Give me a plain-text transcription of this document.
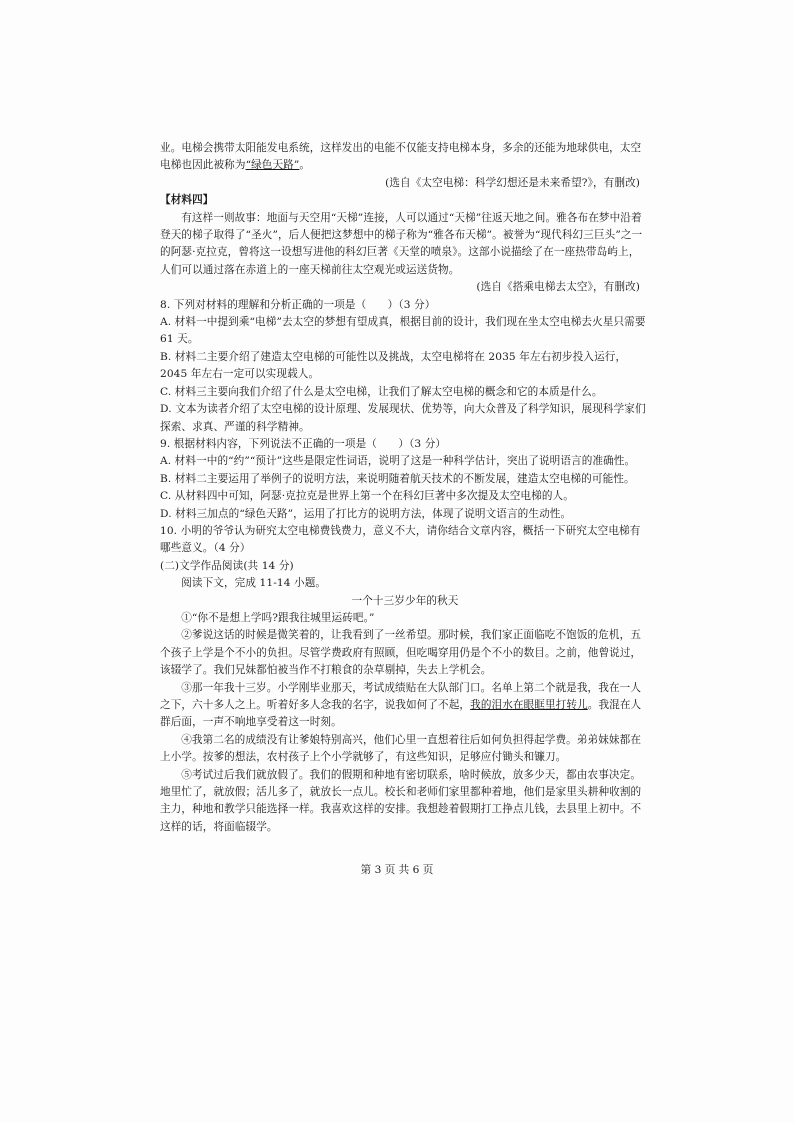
业。电梯会携带太阳能发电系统，这样发出的电能不仅能支持电梯本身，多余的还能为地球供电，太空电梯也因此被称为“绿色天路”。

(选自《太空电梯：科学幻想还是未来希望?》，有删改)

【材料四】

有这样一则故事：地面与天空用“天梯”连接，人可以通过“天梯”往返天地之间。雅各布在梦中沿着登天的梯子取得了“圣火”，后人便把这梦想中的梯子称为“雅各布天梯”。被誉为“现代科幻三巨头”之一的阿瑟·克拉克，曾将这一设想写进他的科幻巨著《天堂的喷泉》。这部小说描绘了在一座热带岛屿上，人们可以通过落在赤道上的一座天梯前往太空观光或运送货物。

(选自《搭乘电梯去太空》，有删改)

8. 下列对材料的理解和分析正确的一项是（　　）（3 分）

A. 材料一中提到乘“电梯”去太空的梦想有望成真，根据目前的设计，我们现在坐太空电梯去火星只需要 61 天。

B. 材料二主要介绍了建造太空电梯的可能性以及挑战，太空电梯将在 2035 年左右初步投入运行，2045 年左右一定可以实现载人。

C. 材料三主要向我们介绍了什么是太空电梯，让我们了解太空电梯的概念和它的本质是什么。

D. 文本为读者介绍了太空电梯的设计原理、发展现状、优势等，向大众普及了科学知识，展现科学家们探索、求真、严谨的科学精神。

9. 根据材料内容，下列说法不正确的一项是（　　）（3 分）

A. 材料一中的“约”“预计”这些是限定性词语，说明了这是一种科学估计，突出了说明语言的准确性。

B. 材料二主要运用了举例子的说明方法，来说明随着航天技术的不断发展，建造太空电梯的可能性。

C. 从材料四中可知，阿瑟·克拉克是世界上第一个在科幻巨著中多次提及太空电梯的人。

D. 材料三加点的“绿色天路”，运用了打比方的说明方法，体现了说明文语言的生动性。

10. 小明的爷爷认为研究太空电梯费钱费力，意义不大，请你结合文章内容，概括一下研究太空电梯有哪些意义。（4 分）

(二)文学作品阅读(共 14 分)

阅读下文，完成 11-14 小题。

一个十三岁少年的秋天

①“你不是想上学吗?跟我往城里运砖吧。”

②爹说这话的时候是微笑着的，让我看到了一丝希望。那时候，我们家正面临吃不饱饭的危机，五个孩子上学是个不小的负担。尽管学费政府有照顾，但吃喝穿用仍是个不小的数目。之前，他曾说过，该辍学了。我们兄妹都怕被当作不打粮食的杂草剔掉，失去上学机会。

③那一年我十三岁。小学刚毕业那天，考试成绩贴在大队部门口。名单上第二个就是我，我在一人之下，六十多人之上。听着好多人念我的名字，说我如何了不起，我的泪水在眼眶里打转儿。我混在人群后面，一声不响地享受着这一时刻。

④我第二名的成绩没有让爹娘特别高兴，他们心里一直想着往后如何负担得起学费。弟弟妹妹都在上小学。按爹的想法，农村孩子上个小学就够了，有这些知识，足够应付锄头和镰刀。

⑤考试过后我们就放假了。我们的假期和种地有密切联系，啥时候放，放多少天，都由农事决定。地里忙了，就放假；活儿多了，就放长一点儿。校长和老师们家里都种着地，他们是家里头耕种收割的主力，种地和教学只能选择一样。我喜欢这样的安排。我想趁着假期打工挣点儿钱，去县里上初中。不这样的话，将面临辍学。

第 3 页 共 6 页
